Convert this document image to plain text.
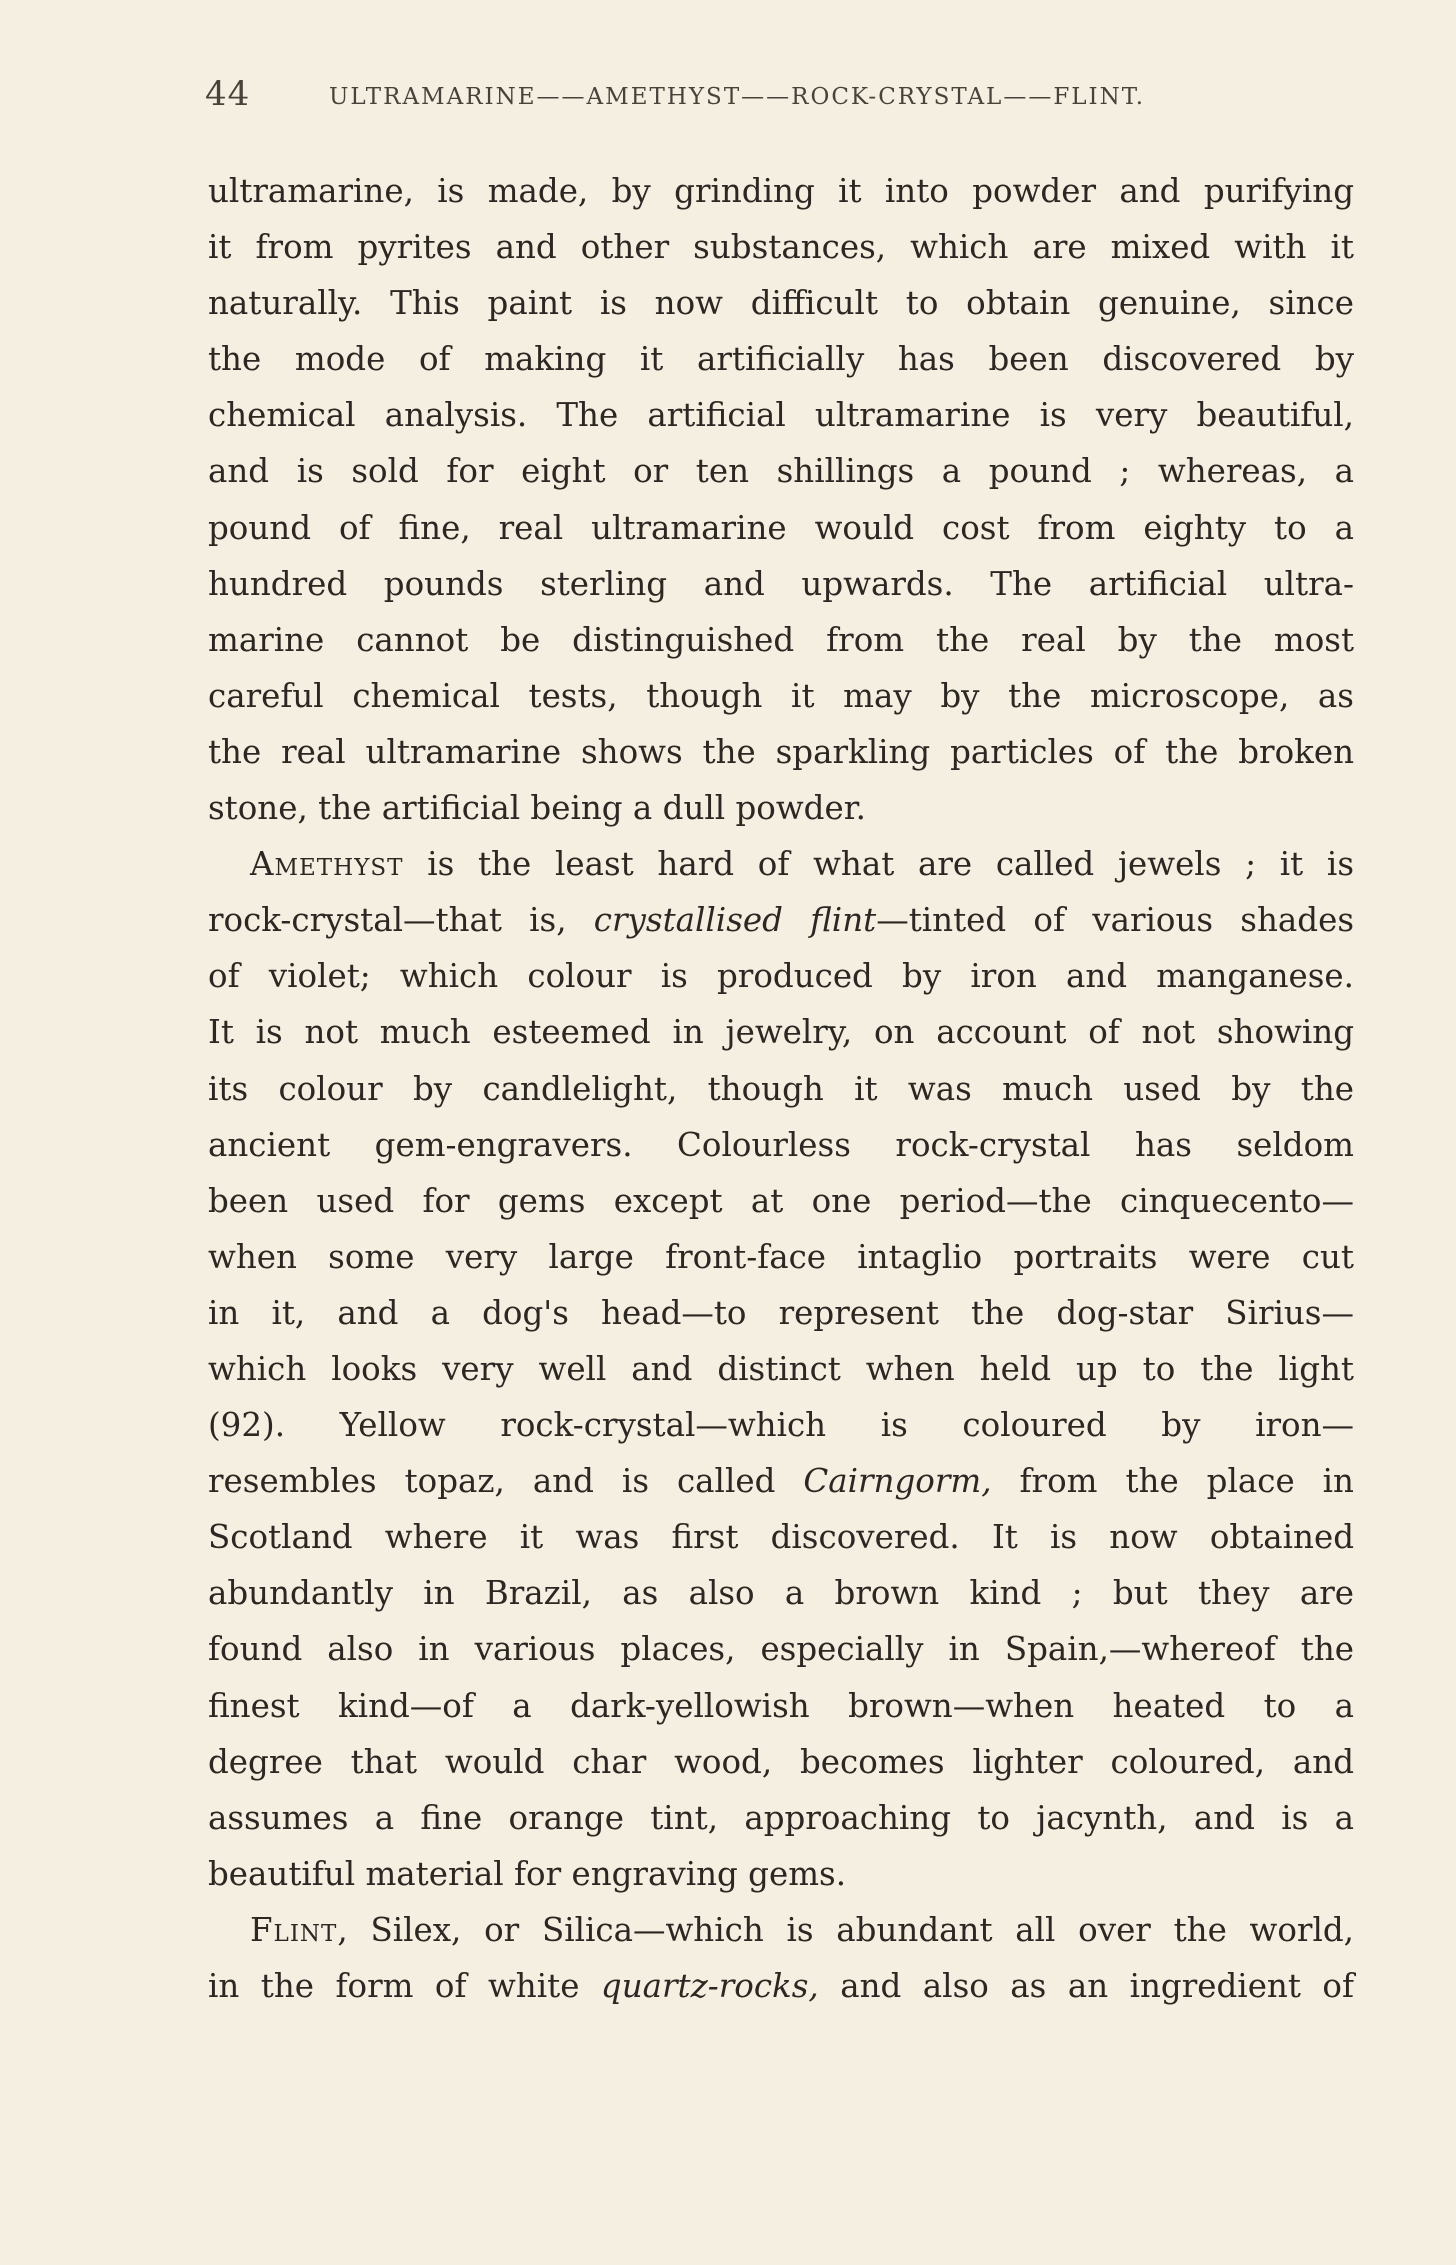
44	ULTRAMARINE——AMETHYST——ROCK-CRYSTAL——FLINT.
ultramarine, is made, by grinding it into powder and purifying
it from pyrites and other substances, which are mixed with it
naturally. This paint is now difficult to obtain genuine, since
the mode of making it artificially has been discovered by
chemical analysis. The artificial ultramarine is very beautiful,
and is sold for eight or ten shillings a pound ; whereas, a
pound of fine, real ultramarine would cost from eighty to a
hundred pounds sterling and upwards. The artificial ultra-
marine cannot be distinguished from the real by the most
careful chemical tests, though it may by the microscope, as
the real ultramarine shows the sparkling particles of the broken
stone, the artificial being a dull powder.
Amethyst is the least hard of what are called jewels ; it is
rock-crystal—that is, crystallised flint—tinted of various shades
of violet; which colour is produced by iron and manganese.
It is not much esteemed in jewelry, on account of not showing
its colour by candlelight, though it was much used by the
ancient gem-engravers. Colourless rock-crystal has seldom
been used for gems except at one period—the cinquecento—
when some very large front-face intaglio portraits were cut
in it, and a dog's head—to represent the dog-star Sirius—
which looks very well and distinct when held up to the light
(92). Yellow rock-crystal—which is coloured by iron—
resembles topaz, and is called Cairngorm, from the place in
Scotland where it was first discovered. It is now obtained
abundantly in Brazil, as also a brown kind ; but they are
found also in various places, especially in Spain,—whereof the
finest kind—of a dark-yellowish brown—when heated to a
degree that would char wood, becomes lighter coloured, and
assumes a fine orange tint, approaching to jacynth, and is a
beautiful material for engraving gems.
Flint, Silex, or Silica—which is abundant all over the world,
in the form of white quartz-rocks, and also as an ingredient of
